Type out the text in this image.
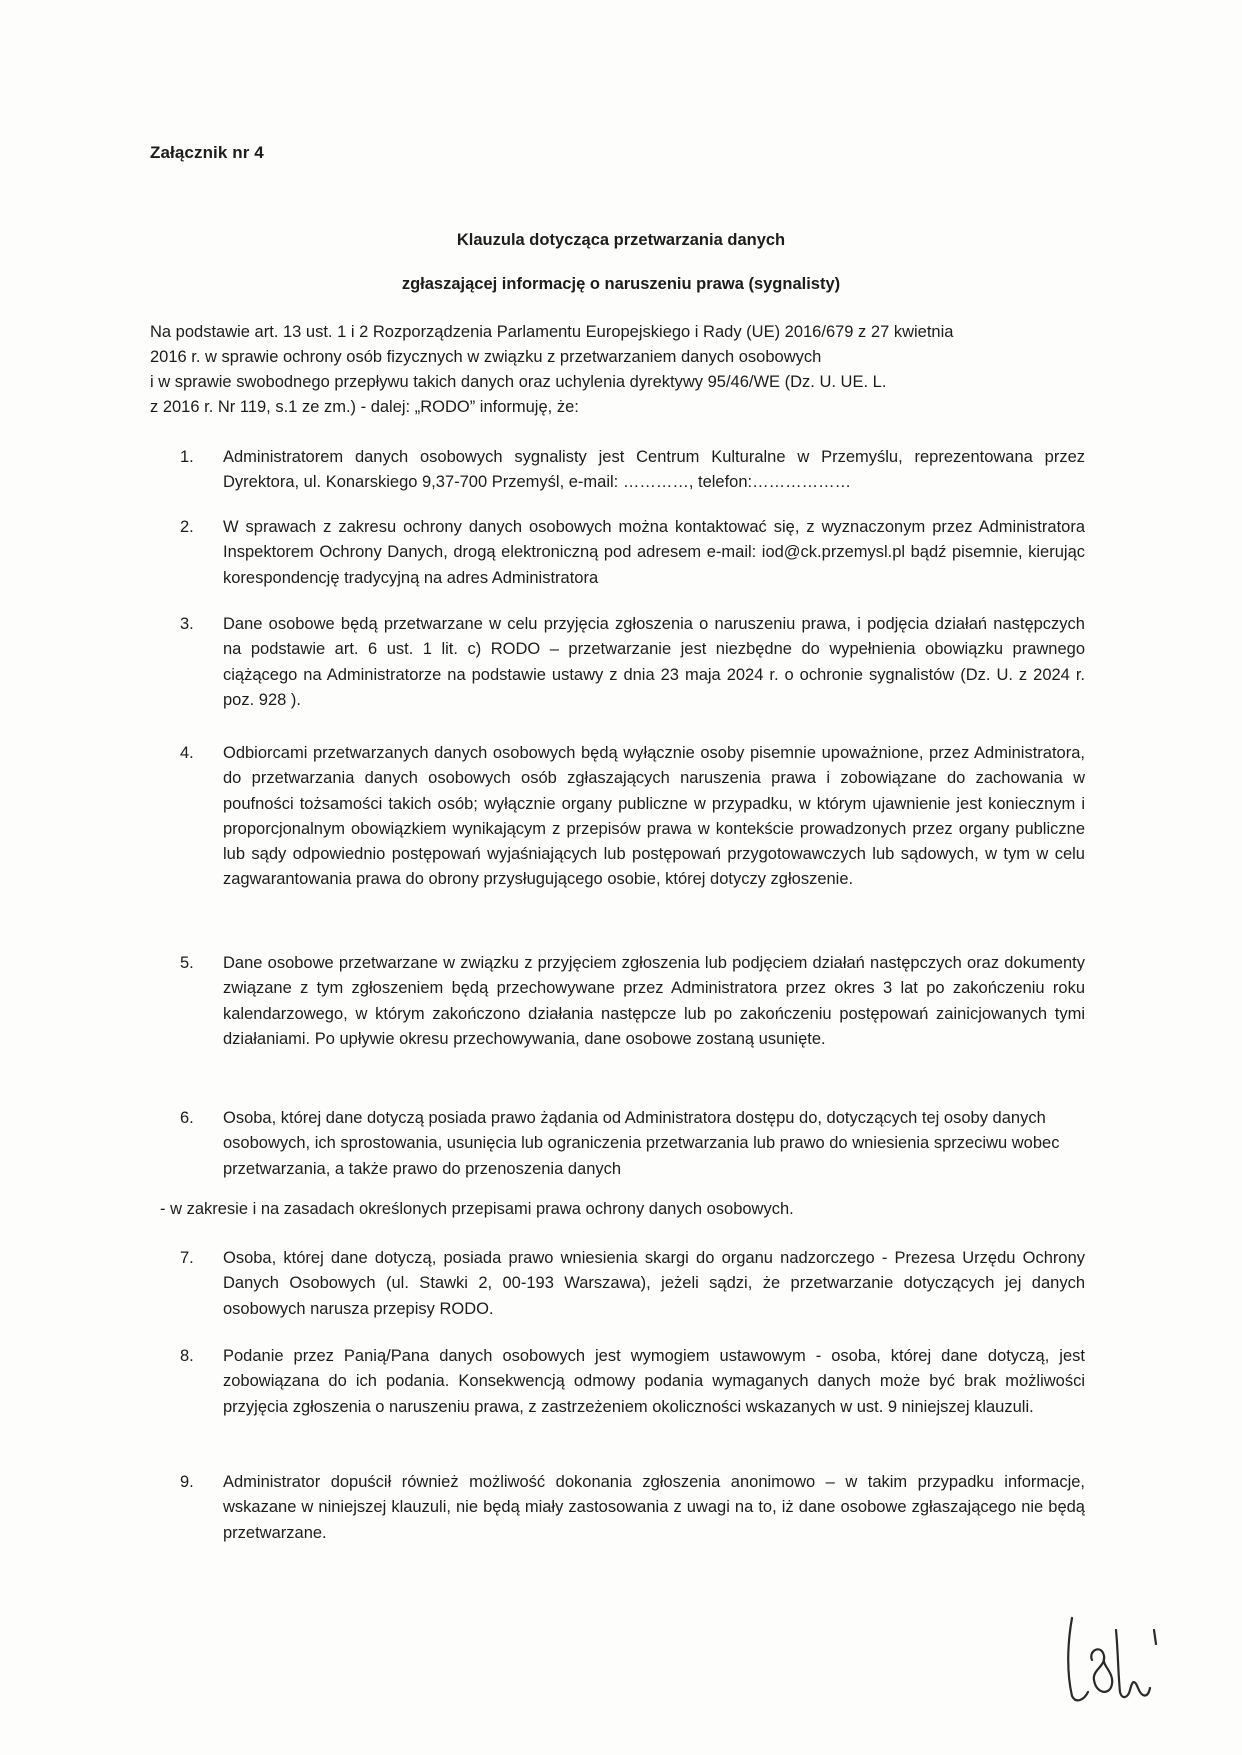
Załącznik nr 4
Klauzula dotycząca przetwarzania danych
zgłaszającej informację o naruszeniu prawa (sygnalisty)

Na podstawie art. 13 ust. 1 i 2 Rozporządzenia Parlamentu Europejskiego i Rady (UE) 2016/679 z 27 kwietnia
2016 r. w sprawie ochrony osób fizycznych w związku z przetwarzaniem danych osobowych
i w sprawie swobodnego przepływu takich danych oraz uchylenia dyrektywy 95/46/WE (Dz. U. UE. L.
z 2016 r. Nr 119, s.1 ze zm.) - dalej: „RODO” informuję, że:

1.	Administratorem danych osobowych sygnalisty jest Centrum Kulturalne w Przemyślu, reprezentowana przez Dyrektora, ul. Konarskiego 9,37-700 Przemyśl, e-mail: …………, telefon:………………
2.	W sprawach z zakresu ochrony danych osobowych można kontaktować się, z wyznaczonym przez Administratora Inspektorem Ochrony Danych, drogą elektroniczną pod adresem e-mail: iod@ck.przemysl.pl bądź pisemnie, kierując korespondencję tradycyjną na adres Administratora
3.	Dane osobowe będą przetwarzane w celu przyjęcia zgłoszenia o naruszeniu prawa, i podjęcia działań następczych na podstawie art. 6 ust. 1 lit. c) RODO – przetwarzanie jest niezbędne do wypełnienia obowiązku prawnego ciążącego na Administratorze na podstawie ustawy z dnia 23 maja 2024 r. o ochronie sygnalistów (Dz. U. z 2024 r. poz. 928 ).
4.	Odbiorcami przetwarzanych danych osobowych będą wyłącznie osoby pisemnie upoważnione, przez Administratora, do przetwarzania danych osobowych osób zgłaszających naruszenia prawa i zobowiązane do zachowania w poufności tożsamości takich osób; wyłącznie organy publiczne w przypadku, w którym ujawnienie jest koniecznym i proporcjonalnym obowiązkiem wynikającym z przepisów prawa w kontekście prowadzonych przez organy publiczne lub sądy odpowiednio postępowań wyjaśniających lub postępowań przygotowawczych lub sądowych, w tym w celu zagwarantowania prawa do obrony przysługującego osobie, której dotyczy zgłoszenie.
5.	Dane osobowe przetwarzane w związku z przyjęciem zgłoszenia lub podjęciem działań następczych oraz dokumenty związane z tym zgłoszeniem będą przechowywane przez Administratora przez okres 3 lat po zakończeniu roku kalendarzowego, w którym zakończono działania następcze lub po zakończeniu postępowań zainicjowanych tymi działaniami. Po upływie okresu przechowywania, dane osobowe zostaną usunięte.
6.	Osoba, której dane dotyczą posiada prawo żądania od Administratora dostępu do, dotyczących tej osoby danych osobowych, ich sprostowania, usunięcia lub ograniczenia przetwarzania lub prawo do wniesienia sprzeciwu wobec przetwarzania, a także prawo do przenoszenia danych
- w zakresie i na zasadach określonych przepisami prawa ochrony danych osobowych.
7.	Osoba, której dane dotyczą, posiada prawo wniesienia skargi do organu nadzorczego - Prezesa Urzędu Ochrony Danych Osobowych (ul. Stawki 2, 00-193 Warszawa), jeżeli sądzi, że przetwarzanie dotyczących jej danych osobowych narusza przepisy RODO.
8.	Podanie przez Panią/Pana danych osobowych jest wymogiem ustawowym - osoba, której dane dotyczą, jest zobowiązana do ich podania. Konsekwencją odmowy podania wymaganych danych może być brak możliwości przyjęcia zgłoszenia o naruszeniu prawa, z zastrzeżeniem okoliczności wskazanych w ust. 9 niniejszej klauzuli.
9.	Administrator dopuścił również możliwość dokonania zgłoszenia anonimowo – w takim przypadku informacje, wskazane w niniejszej klauzuli, nie będą miały zastosowania z uwagi na to, iż dane osobowe zgłaszającego nie będą przetwarzane.
